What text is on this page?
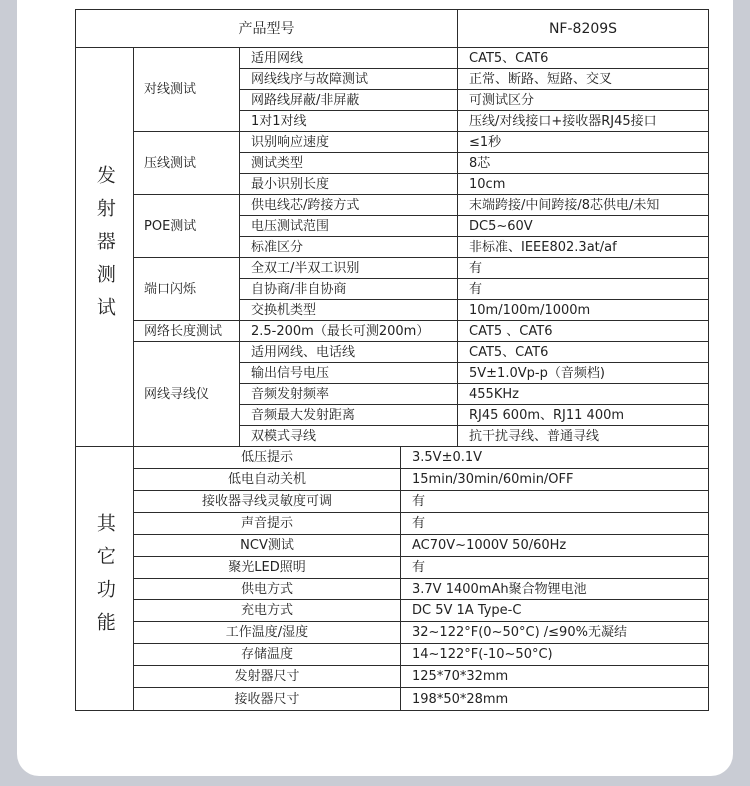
产品型号	NF-8209S
发射器测试
对线测试
适用网线	CAT5、CAT6
网线线序与故障测试	正常、断路、短路、交叉
网路线屏蔽/非屏蔽	可测试区分
1对1对线	压线/对线接口+接收器RJ45接口
压线测试
识别响应速度	≤1秒
测试类型	8芯
最小识别长度	10cm
POE测试
供电线芯/跨接方式	末端跨接/中间跨接/8芯供电/未知
电压测试范围	DC5~60V
标准区分	非标准、IEEE802.3at/af
端口闪烁
全双工/半双工识别	有
自协商/非自协商	有
交换机类型	10m/100m/1000m
网络长度测试	2.5-200m（最长可测200m）	CAT5 、CAT6
网线寻线仪
适用网线、电话线	CAT5、CAT6
输出信号电压	5V±1.0Vp-p（音频档)
音频发射频率	455KHz
音频最大发射距离	RJ45 600m、RJ11 400m
双模式寻线	抗干扰寻线、普通寻线
其它功能
低压提示	3.5V±0.1V
低电自动关机	15min/30min/60min/OFF
接收器寻线灵敏度可调	有
声音提示	有
NCV测试	AC70V~1000V 50/60Hz
聚光LED照明	有
供电方式	3.7V 1400mAh聚合物锂电池
充电方式	DC 5V 1A Type-C
工作温度/湿度	32~122°F(0~50°C) /≤90%无凝结
存储温度	14~122°F(-10~50°C)
发射器尺寸	125*70*32mm
接收器尺寸	198*50*28mm
